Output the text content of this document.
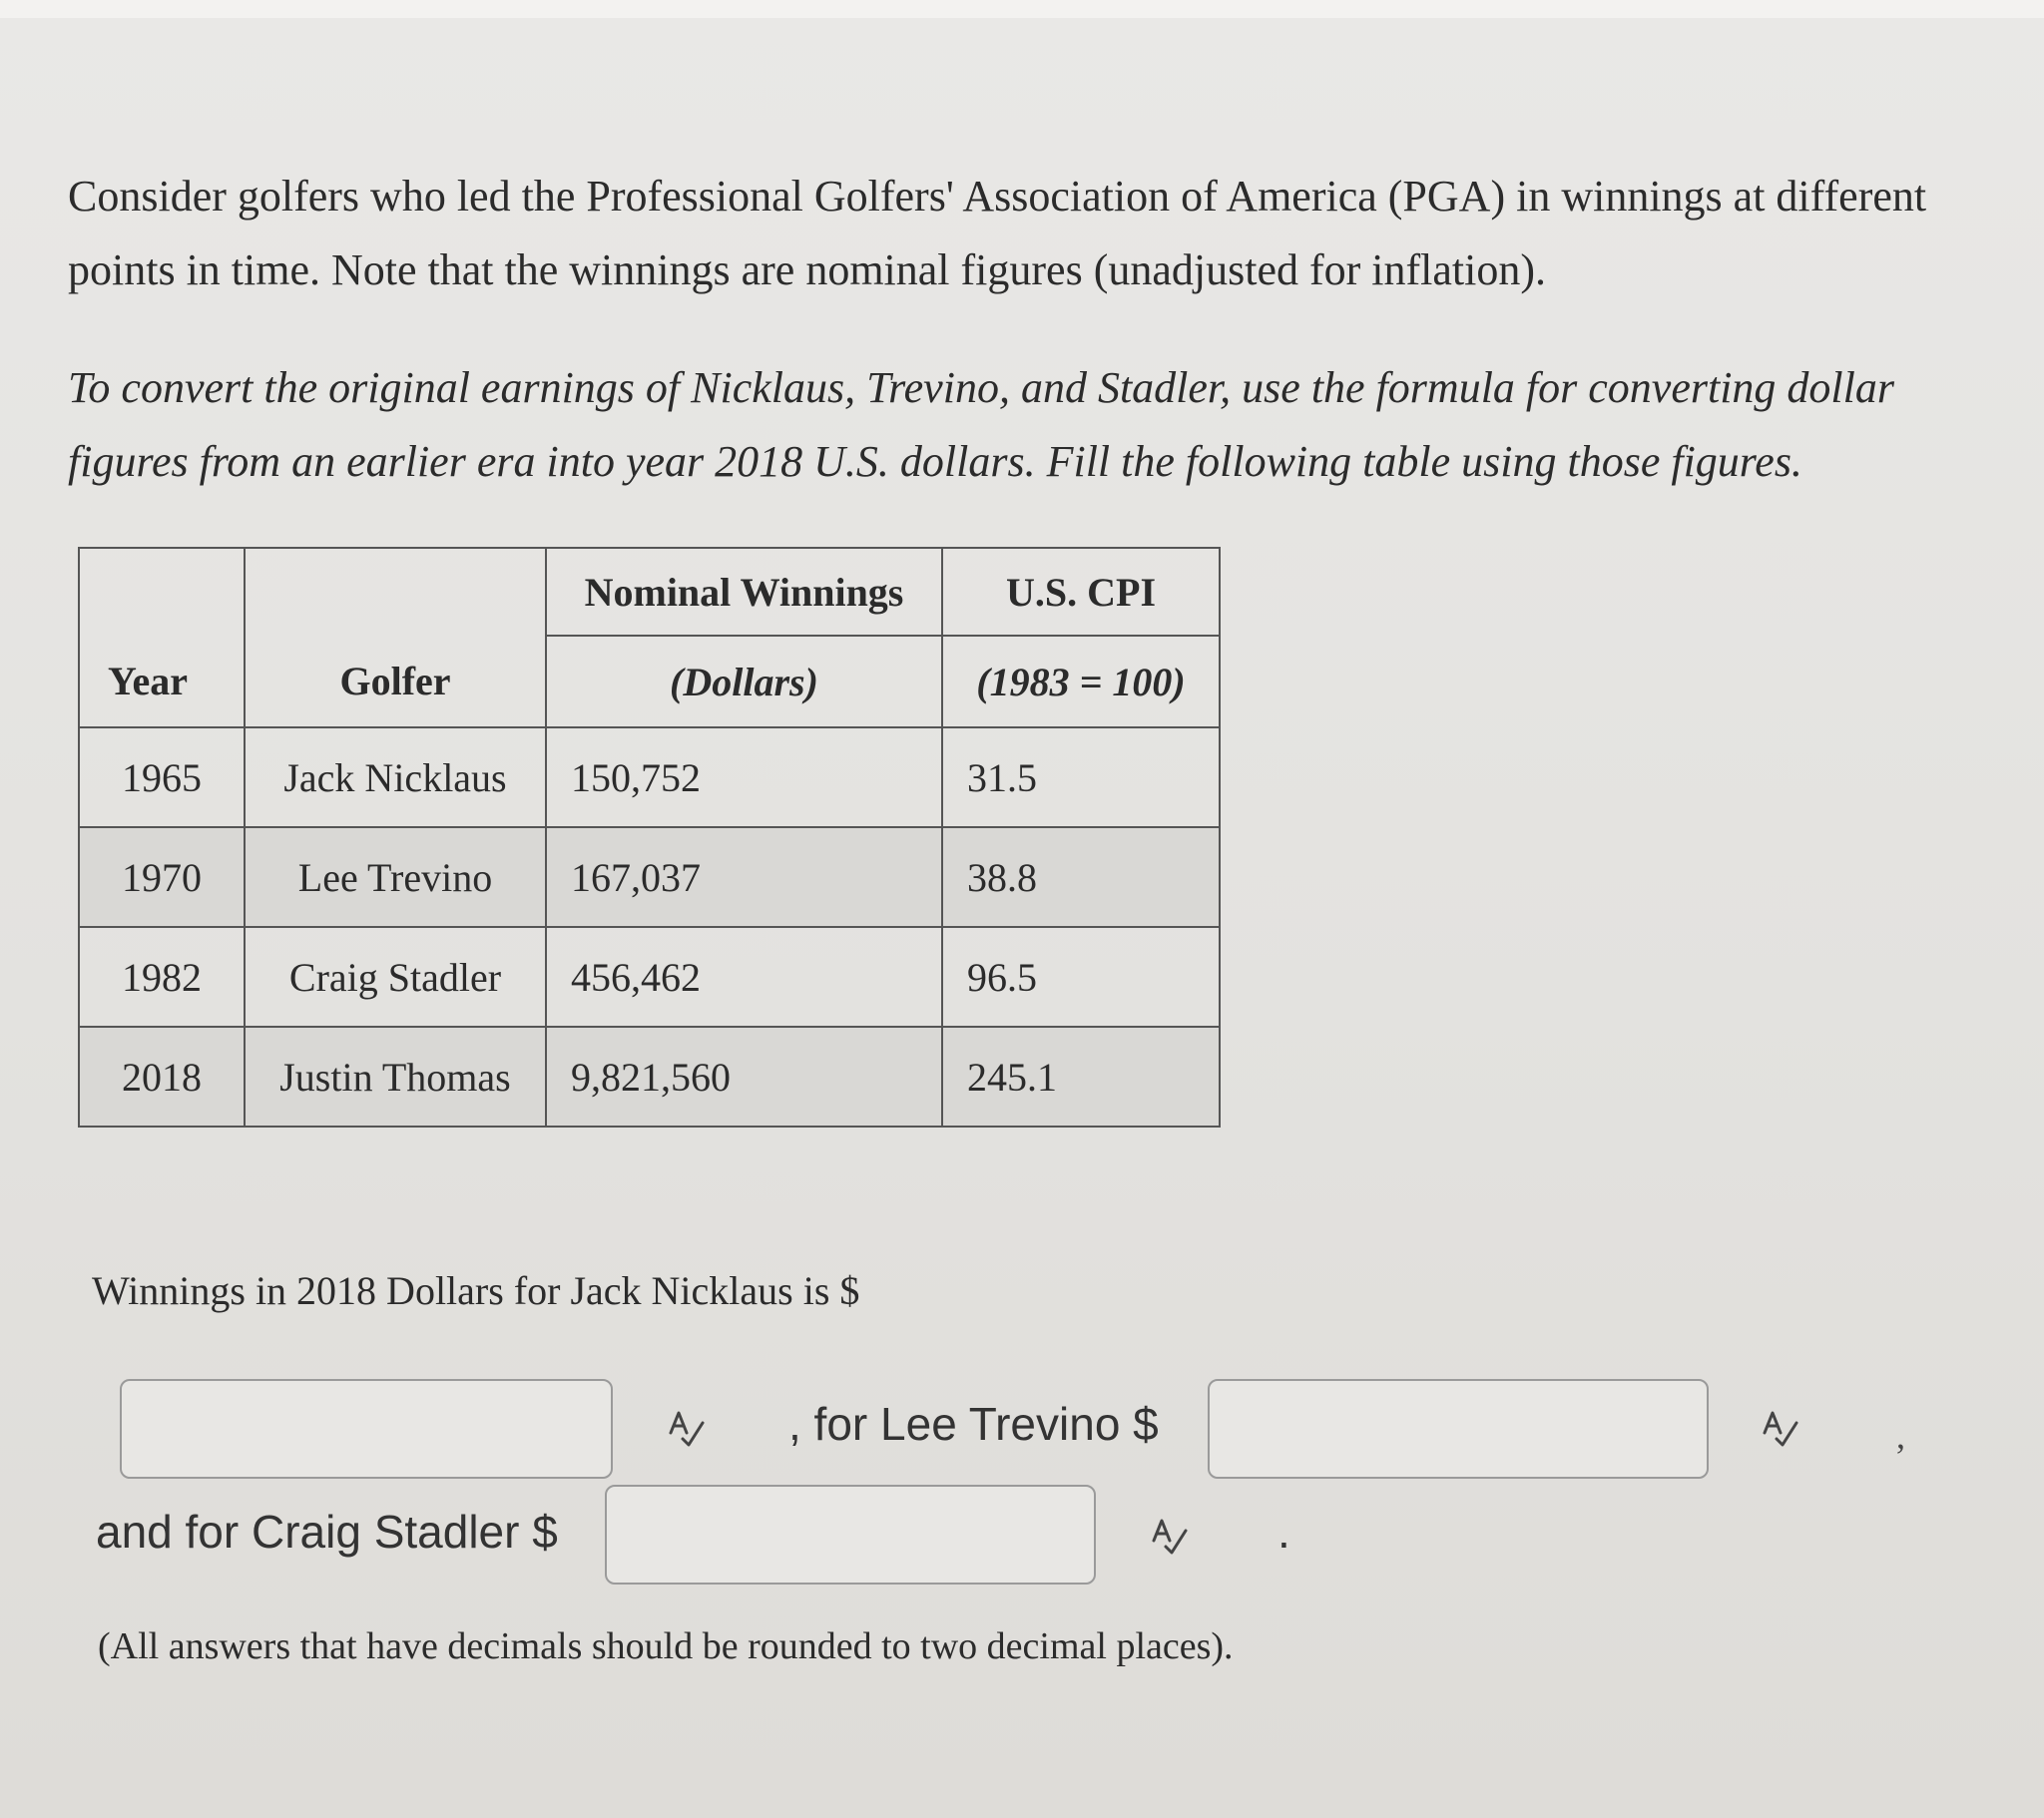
Consider golfers who led the Professional Golfers' Association of America (PGA) in winnings at different points in time. Note that the winnings are nominal figures (unadjusted for inflation).

To convert the original earnings of Nicklaus, Trevino, and Stadler, use the formula for converting dollar figures from an earlier era into year 2018 U.S. dollars. Fill the following table using those figures.

Year	Golfer	Nominal Winnings	U.S. CPI
		(Dollars)	(1983 = 100)
1965	Jack Nicklaus	150,752	31.5
1970	Lee Trevino	167,037	38.8
1982	Craig Stadler	456,462	96.5
2018	Justin Thomas	9,821,560	245.1

Winnings in 2018 Dollars for Jack Nicklaus is $

, for Lee Trevino $	,

and for Craig Stadler $	.

(All answers that have decimals should be rounded to two decimal places).
